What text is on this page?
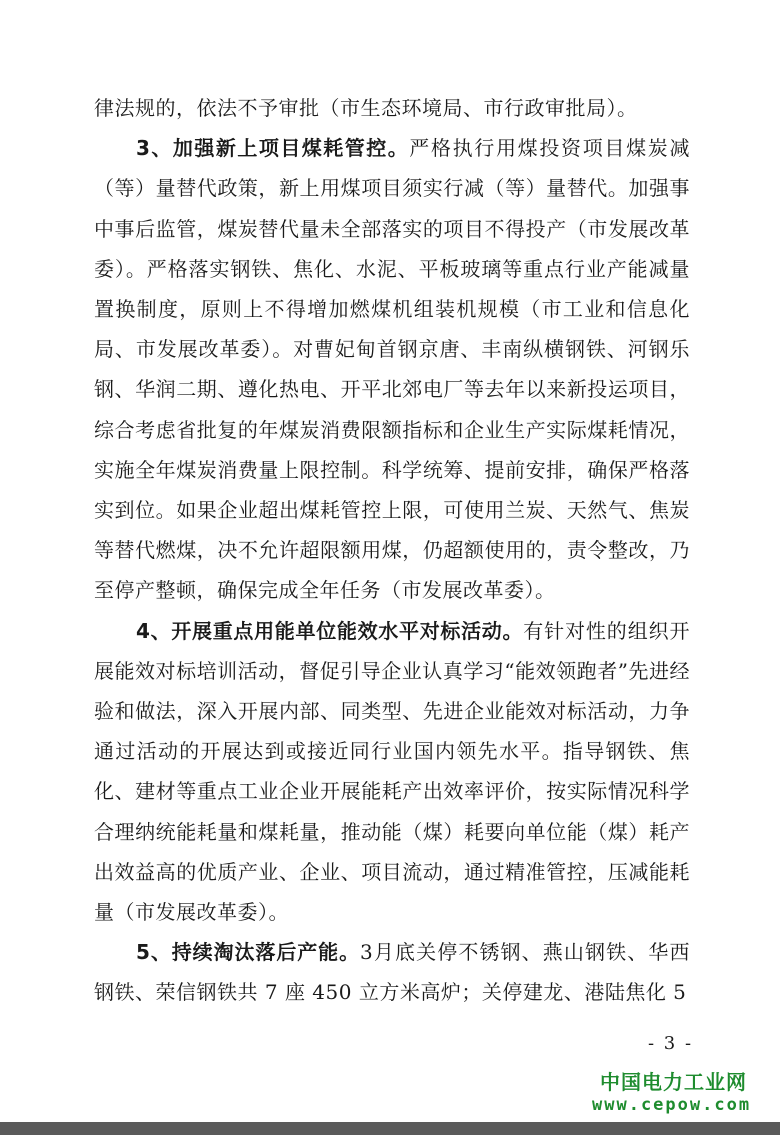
律法规的，依法不予审批（市生态环境局、市行政审批局）。

3、加强新上项目煤耗管控。严格执行用煤投资项目煤炭减（等）量替代政策，新上用煤项目须实行减（等）量替代。加强事中事后监管，煤炭替代量未全部落实的项目不得投产（市发展改革委）。严格落实钢铁、焦化、水泥、平板玻璃等重点行业产能减量置换制度，原则上不得增加燃煤机组装机规模（市工业和信息化局、市发展改革委）。对曹妃甸首钢京唐、丰南纵横钢铁、河钢乐钢、华润二期、遵化热电、开平北郊电厂等去年以来新投运项目，综合考虑省批复的年煤炭消费限额指标和企业生产实际煤耗情况，实施全年煤炭消费量上限控制。科学统筹、提前安排，确保严格落实到位。如果企业超出煤耗管控上限，可使用兰炭、天然气、焦炭等替代燃煤，决不允许超限额用煤，仍超额使用的，责令整改，乃至停产整顿，确保完成全年任务（市发展改革委）。

4、开展重点用能单位能效水平对标活动。有针对性的组织开展能效对标培训活动，督促引导企业认真学习“能效领跑者”先进经验和做法，深入开展内部、同类型、先进企业能效对标活动，力争通过活动的开展达到或接近同行业国内领先水平。指导钢铁、焦化、建材等重点工业企业开展能耗产出效率评价，按实际情况科学合理纳统能耗量和煤耗量，推动能（煤）耗要向单位能（煤）耗产出效益高的优质产业、企业、项目流动，通过精准管控，压减能耗量（市发展改革委）。

5、持续淘汰落后产能。3月底关停不锈钢、燕山钢铁、华西钢铁、荣信钢铁共 7 座 450 立方米高炉；关停建龙、港陆焦化 5

- 3 -
中国电力工业网
www.cepow.com
